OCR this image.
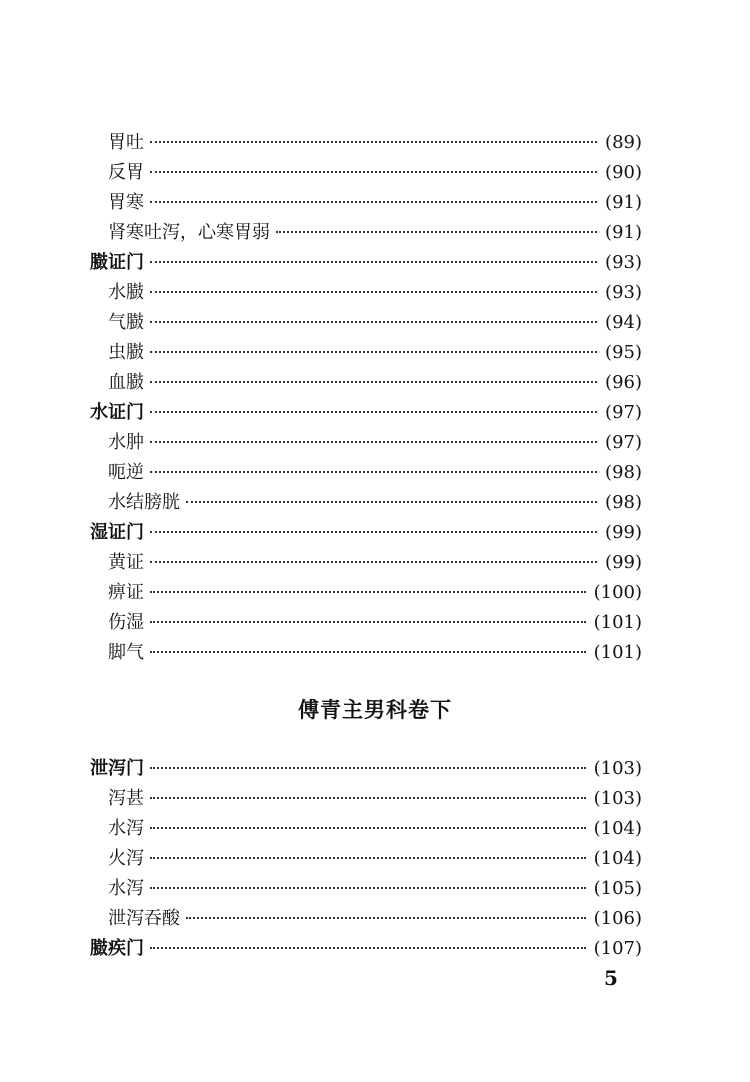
胃吐	(89)
反胃	(90)
胃寒	(91)
肾寒吐泻，心寒胃弱	(91)
臌证门	(93)
水臌	(93)
气臌	(94)
虫臌	(95)
血臌	(96)
水证门	(97)
水肿	(97)
呃逆	(98)
水结膀胱	(98)
湿证门	(99)
黄证	(99)
痹证	(100)
伤湿	(101)
脚气	(101)
傅青主男科卷下
泄泻门	(103)
泻甚	(103)
水泻	(104)
火泻	(104)
水泻	(105)
泄泻吞酸	(106)
臌疾门	(107)
5
